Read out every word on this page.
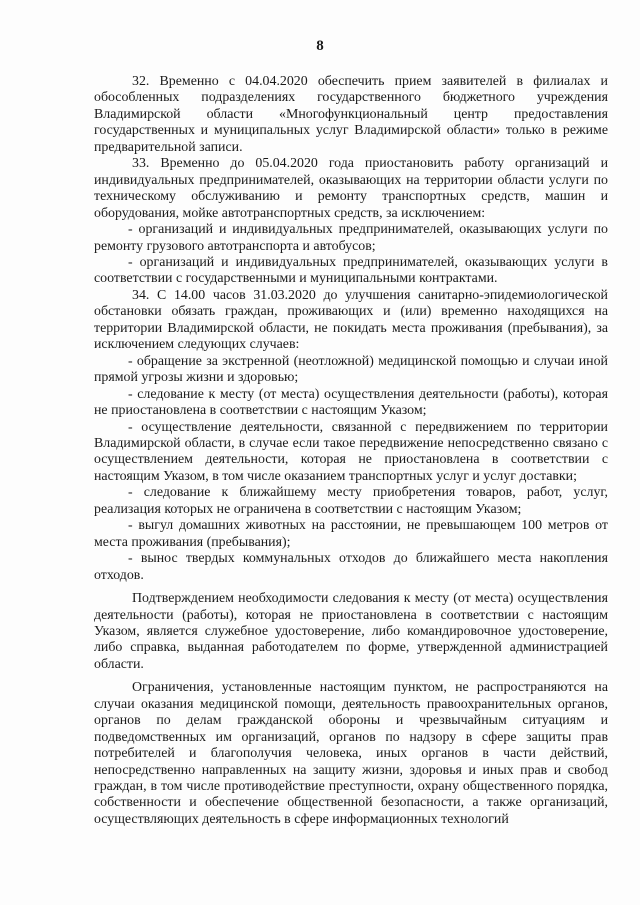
8

32. Временно с 04.04.2020 обеспечить прием заявителей в филиалах и обособленных подразделениях государственного бюджетного учреждения Владимирской области «Многофункциональный центр предоставления государственных и муниципальных услуг Владимирской области» только в режиме предварительной записи.

33. Временно до 05.04.2020 года приостановить работу организаций и индивидуальных предпринимателей, оказывающих на территории области услуги по техническому обслуживанию и ремонту транспортных средств, машин и оборудования, мойке автотранспортных средств, за исключением:

- организаций и индивидуальных предпринимателей, оказывающих услуги по ремонту грузового автотранспорта и автобусов;

- организаций и индивидуальных предпринимателей, оказывающих услуги в соответствии с государственными и муниципальными контрактами.

34. С 14.00 часов 31.03.2020 до улучшения санитарно-эпидемиологической обстановки обязать граждан, проживающих и (или) временно находящихся на территории Владимирской области, не покидать места проживания (пребывания), за исключением следующих случаев:

- обращение за экстренной (неотложной) медицинской помощью и случаи иной прямой угрозы жизни и здоровью;

- следование к месту (от места) осуществления деятельности (работы), которая не приостановлена в соответствии с настоящим Указом;

- осуществление деятельности, связанной с передвижением по территории Владимирской области, в случае если такое передвижение непосредственно связано с осуществлением деятельности, которая не приостановлена в соответствии с настоящим Указом, в том числе оказанием транспортных услуг и услуг доставки;

- следование к ближайшему месту приобретения товаров, работ, услуг, реализация которых не ограничена в соответствии с настоящим Указом;

- выгул домашних животных на расстоянии, не превышающем 100 метров от места проживания (пребывания);

- вынос твердых коммунальных отходов до ближайшего места накопления отходов.

Подтверждением необходимости следования к месту (от места) осуществления деятельности (работы), которая не приостановлена в соответствии с настоящим Указом, является служебное удостоверение, либо командировочное удостоверение, либо справка, выданная работодателем по форме, утвержденной администрацией области.

Ограничения, установленные настоящим пунктом, не распространяются на случаи оказания медицинской помощи, деятельность правоохранительных органов, органов по делам гражданской обороны и чрезвычайным ситуациям и подведомственных им организаций, органов по надзору в сфере защиты прав потребителей и благополучия человека, иных органов в части действий, непосредственно направленных на защиту жизни, здоровья и иных прав и свобод граждан, в том числе противодействие преступности, охрану общественного порядка, собственности и обеспечение общественной безопасности, а также организаций, осуществляющих деятельность в сфере информационных технологий
